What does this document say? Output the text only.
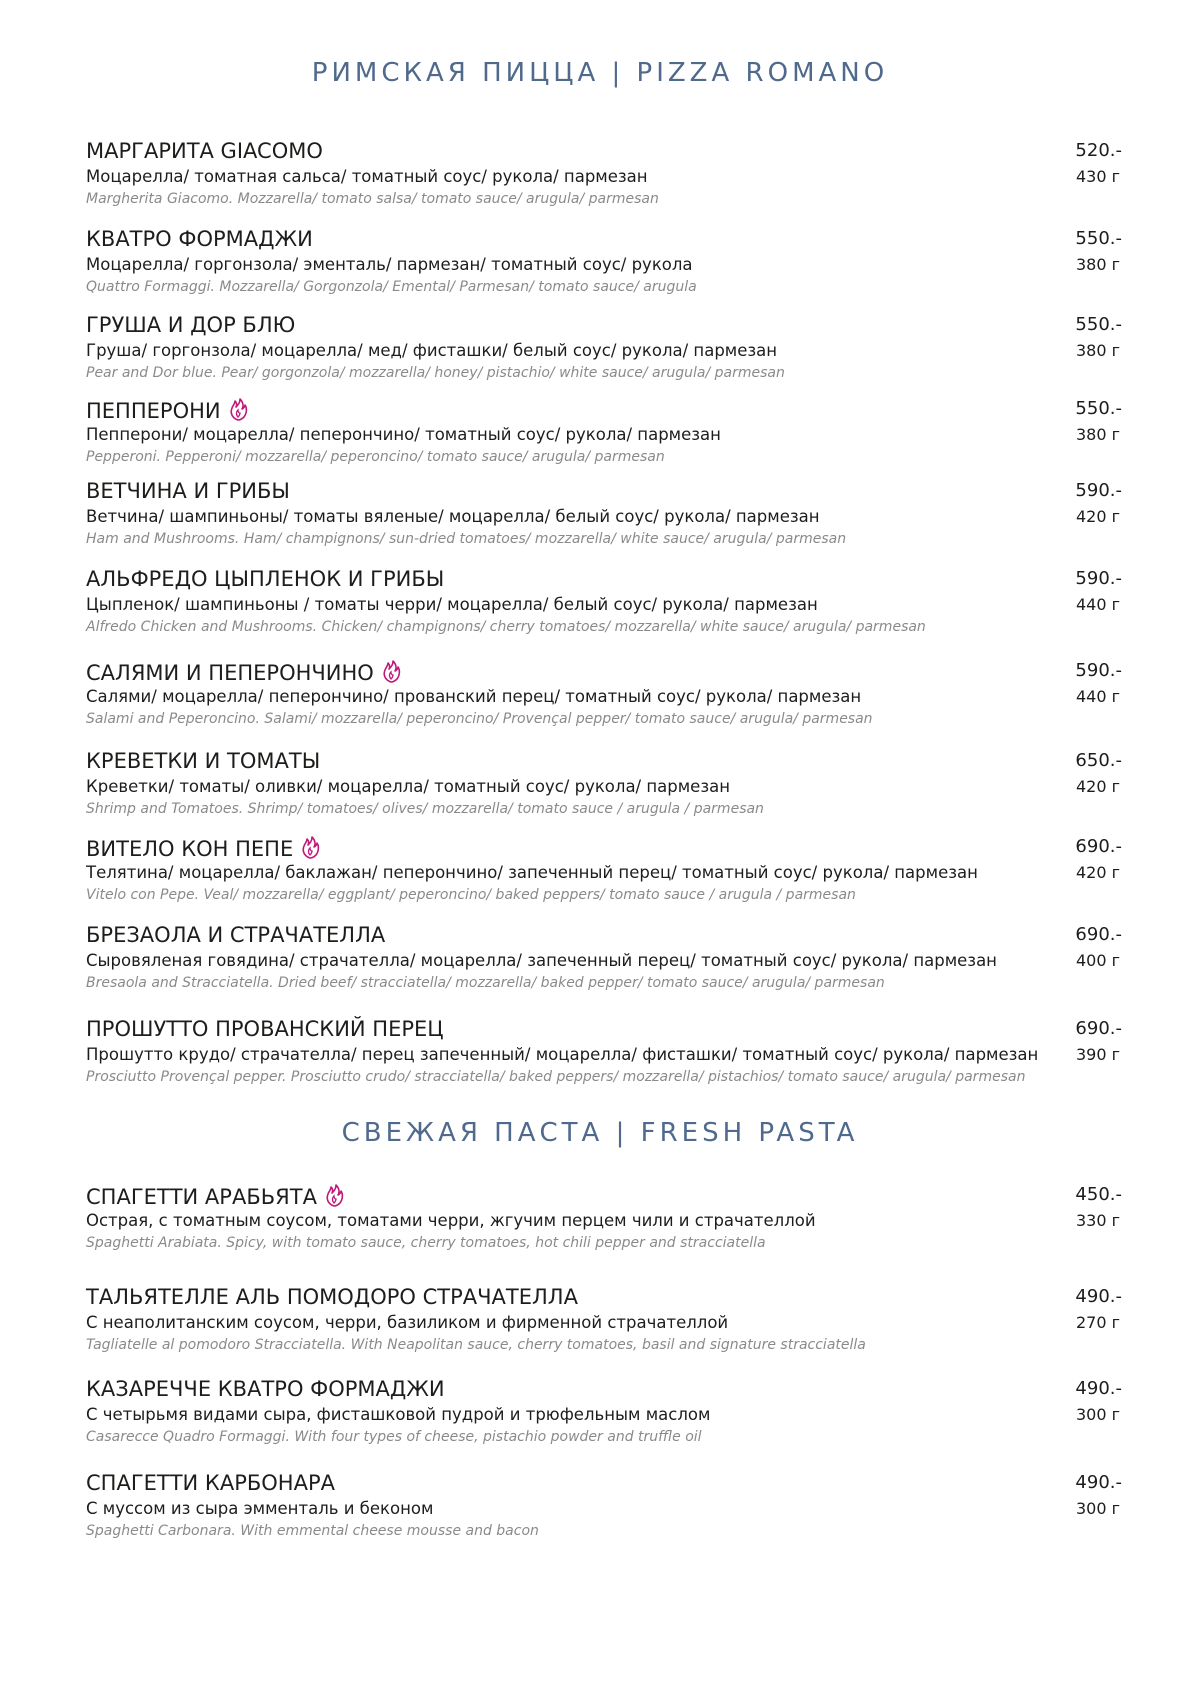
РИМСКАЯ ПИЦЦА | PIZZA ROMANO
МАРГАРИТА GIACOMO
Моцарелла/ томатная сальса/ томатный соус/ рукола/ пармезан
Margherita Giacomo. Mozzarella/ tomato salsa/ tomato sauce/ arugula/ parmesan
520.-
430 г
КВАТРО ФОРМАДЖИ
Моцарелла/ горгонзола/ эменталь/ пармезан/ томатный соус/ рукола
Quattro Formaggi. Mozzarella/ Gorgonzola/ Emental/ Parmesan/ tomato sauce/ arugula
550.-
380 г
ГРУША И ДОР БЛЮ
Груша/ горгонзола/ моцарелла/ мед/ фисташки/ белый соус/ рукола/ пармезан
Pear and Dor blue. Pear/ gorgonzola/ mozzarella/ honey/ pistachio/ white sauce/ arugula/ parmesan
550.-
380 г
ПЕППЕРОНИ
Пепперони/ моцарелла/ пеперончино/ томатный соус/ рукола/ пармезан
Pepperoni. Pepperoni/ mozzarella/ peperoncino/ tomato sauce/ arugula/ parmesan
550.-
380 г
ВЕТЧИНА И ГРИБЫ
Ветчина/ шампиньоны/ томаты вяленые/ моцарелла/ белый соус/ рукола/ пармезан
Ham and Mushrooms. Ham/ champignons/ sun-dried tomatoes/ mozzarella/ white sauce/ arugula/ parmesan
590.-
420 г
АЛЬФРЕДО ЦЫПЛЕНОК И ГРИБЫ
Цыпленок/ шампиньоны / томаты черри/ моцарелла/ белый соус/ рукола/ пармезан
Alfredo Chicken and Mushrooms. Chicken/ champignons/ cherry tomatoes/ mozzarella/ white sauce/ arugula/ parmesan
590.-
440 г
САЛЯМИ И ПЕПЕРОНЧИНО
Салями/ моцарелла/ пеперончино/ прованский перец/ томатный соус/ рукола/ пармезан
Salami and Peperoncino. Salami/ mozzarella/ peperoncino/ Provençal pepper/ tomato sauce/ arugula/ parmesan
590.-
440 г
КРЕВЕТКИ И ТОМАТЫ
Креветки/ томаты/ оливки/ моцарелла/ томатный соус/ рукола/ пармезан
Shrimp and Tomatoes. Shrimp/ tomatoes/ olives/ mozzarella/ tomato sauce / arugula / parmesan
650.-
420 г
ВИТЕЛО КОН ПЕПЕ
Телятина/ моцарелла/ баклажан/ пеперончино/ запеченный перец/ томатный соус/ рукола/ пармезан
Vitelo con Pepe. Veal/ mozzarella/ eggplant/ peperoncino/ baked peppers/ tomato sauce / arugula / parmesan
690.-
420 г
БРЕЗАОЛА И СТРАЧАТЕЛЛА
Сыровяленая говядина/ страчателла/ моцарелла/ запеченный перец/ томатный соус/ рукола/ пармезан
Bresaola and Stracciatella. Dried beef/ stracciatella/ mozzarella/ baked pepper/ tomato sauce/ arugula/ parmesan
690.-
400 г
ПРОШУТТО ПРОВАНСКИЙ ПЕРЕЦ
Прошутто крудо/ страчателла/ перец запеченный/ моцарелла/ фисташки/ томатный соус/ рукола/ пармезан
Prosciutto Provençal pepper. Prosciutto crudo/ stracciatella/ baked peppers/ mozzarella/ pistachios/ tomato sauce/ arugula/ parmesan
690.-
390 г
СВЕЖАЯ ПАСТА | FRESH PASTA
СПАГЕТТИ АРАБЬЯТА
Острая, с томатным соусом, томатами черри, жгучим перцем чили и страчателлой
Spaghetti Arabiata. Spicy, with tomato sauce, cherry tomatoes, hot chili pepper and stracciatella
450.-
330 г
ТАЛЬЯТЕЛЛЕ АЛЬ ПОМОДОРО СТРАЧАТЕЛЛА
С неаполитанским соусом, черри, базиликом и фирменной страчателлой
Tagliatelle al pomodoro Stracciatella. With Neapolitan sauce, cherry tomatoes, basil and signature stracciatella
490.-
270 г
КАЗАРЕЧЧЕ КВАТРО ФОРМАДЖИ
С четырьмя видами сыра, фисташковой пудрой и трюфельным маслом
Casarecce Quadro Formaggi. With four types of cheese, pistachio powder and truffle oil
490.-
300 г
СПАГЕТТИ КАРБОНАРА
С муссом из сыра эмменталь и беконом
Spaghetti Carbonara. With emmental cheese mousse and bacon
490.-
300 г
